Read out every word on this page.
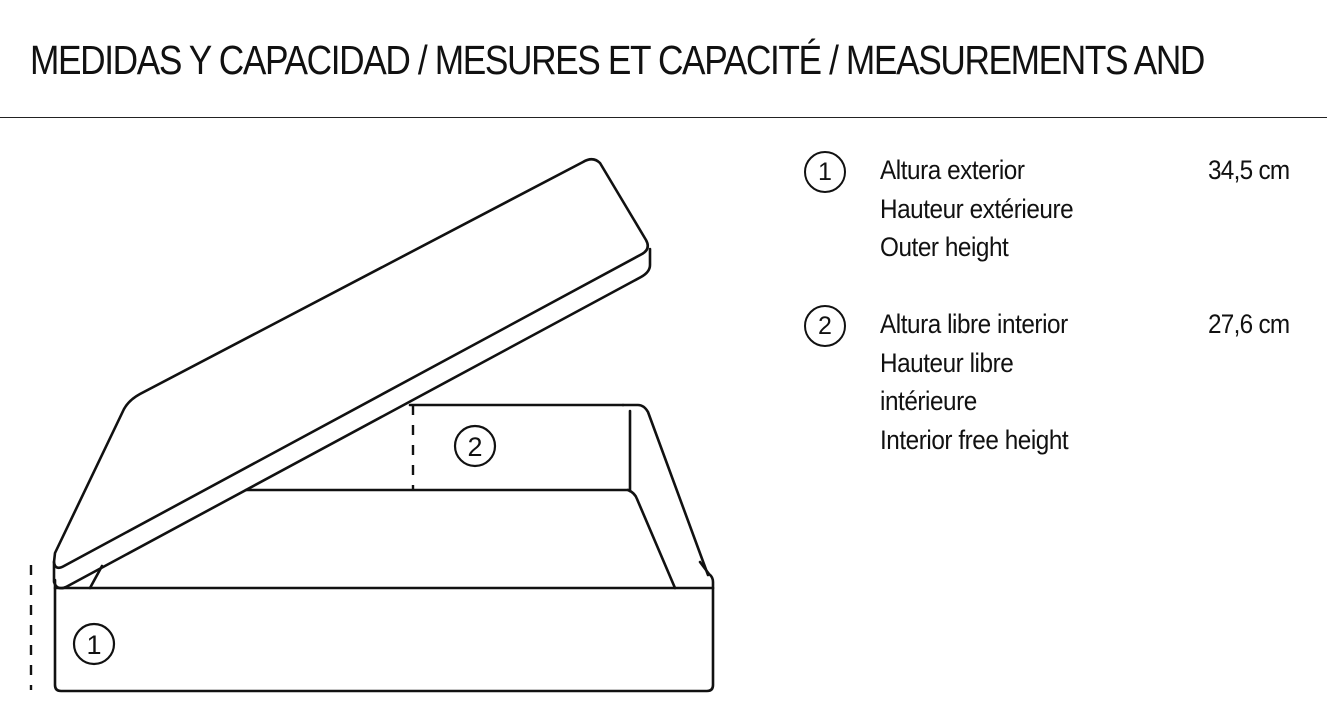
MEDIDAS Y CAPACIDAD / MESURES ET CAPACITÉ / MEASUREMENTS AND
1
2
1	Altura exterior
Hauteur extérieure
Outer height
34,5 cm
2	Altura libre interior
Hauteur libre
intérieure
Interior free height
27,6 cm
